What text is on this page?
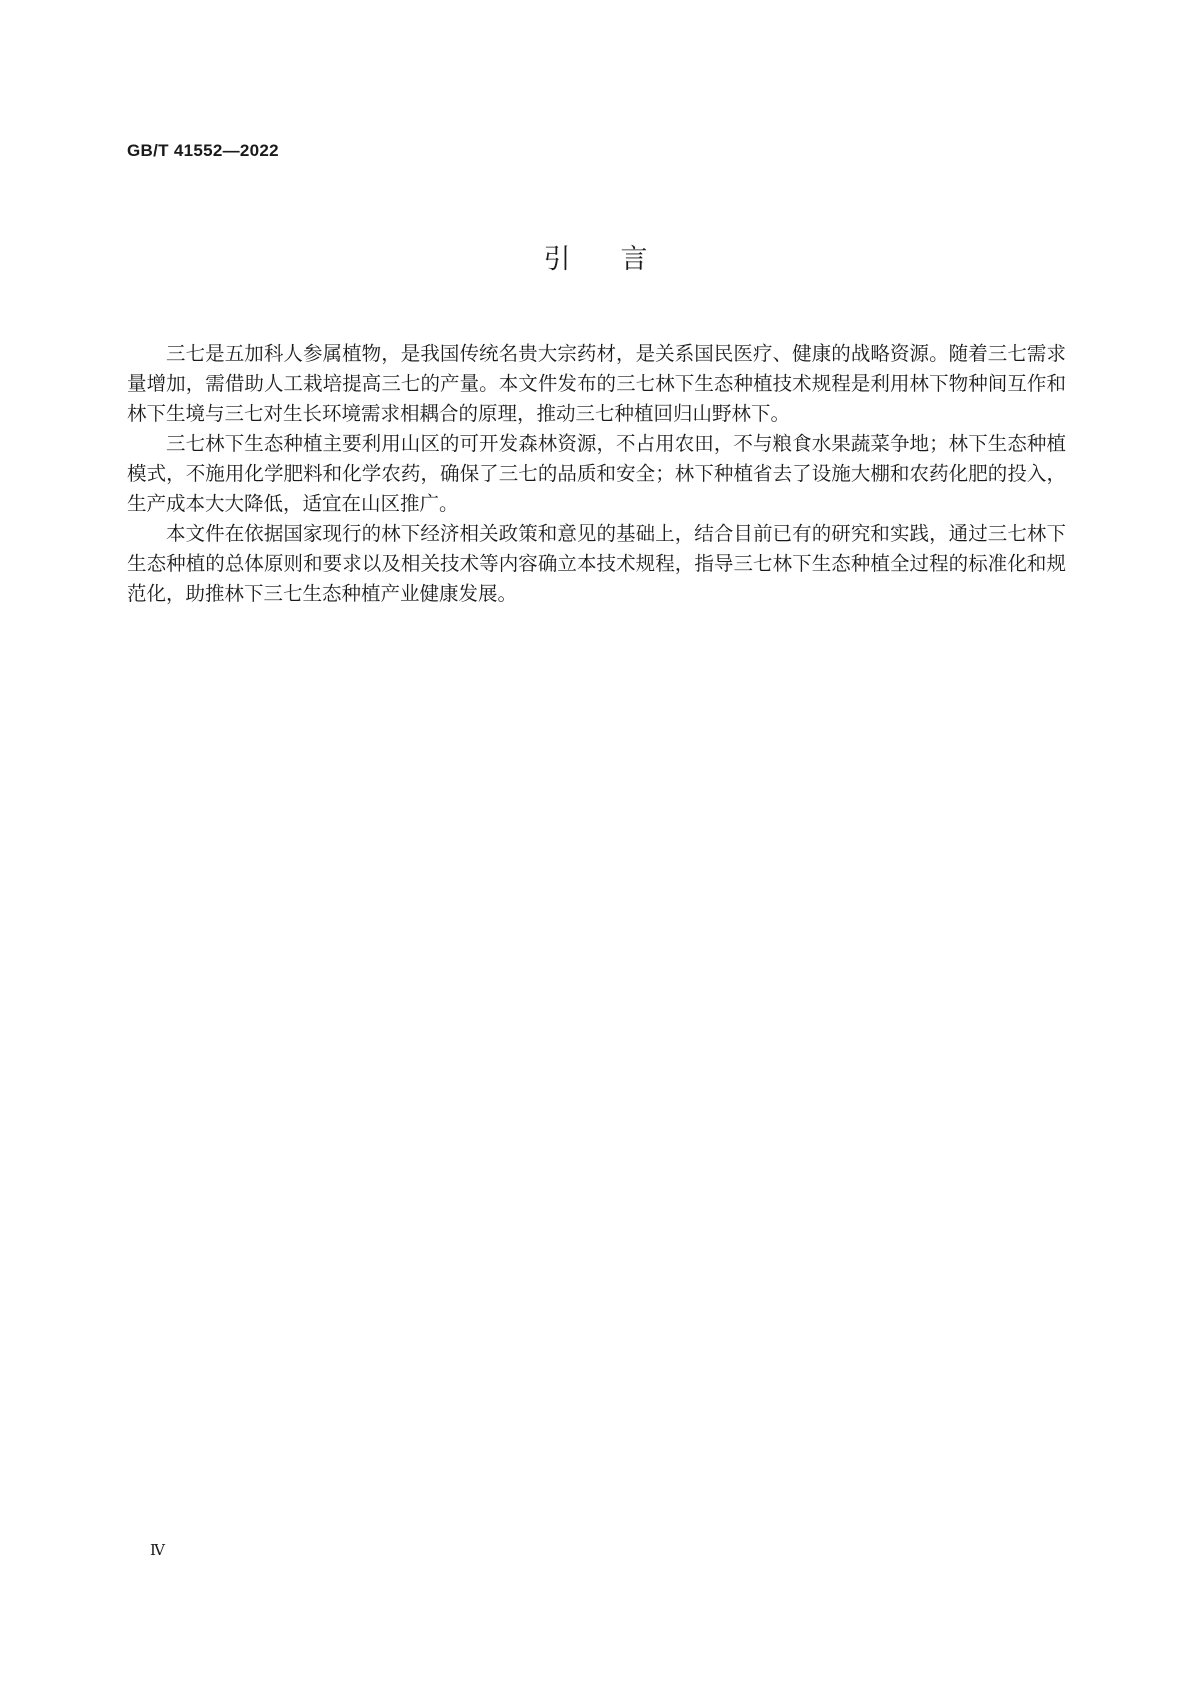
GB/T 41552—2022
引言

三七是五加科人参属植物，是我国传统名贵大宗药材，是关系国民医疗、健康的战略资源。随着三七需求量增加，需借助人工栽培提高三七的产量。本文件发布的三七林下生态种植技术规程是利用林下物种间互作和林下生境与三七对生长环境需求相耦合的原理，推动三七种植回归山野林下。

三七林下生态种植主要利用山区的可开发森林资源，不占用农田，不与粮食水果蔬菜争地；林下生态种植模式，不施用化学肥料和化学农药，确保了三七的品质和安全；林下种植省去了设施大棚和农药化肥的投入，生产成本大大降低，适宜在山区推广。

本文件在依据国家现行的林下经济相关政策和意见的基础上，结合目前已有的研究和实践，通过三七林下生态种植的总体原则和要求以及相关技术等内容确立本技术规程，指导三七林下生态种植全过程的标准化和规范化，助推林下三七生态种植产业健康发展。

Ⅳ
